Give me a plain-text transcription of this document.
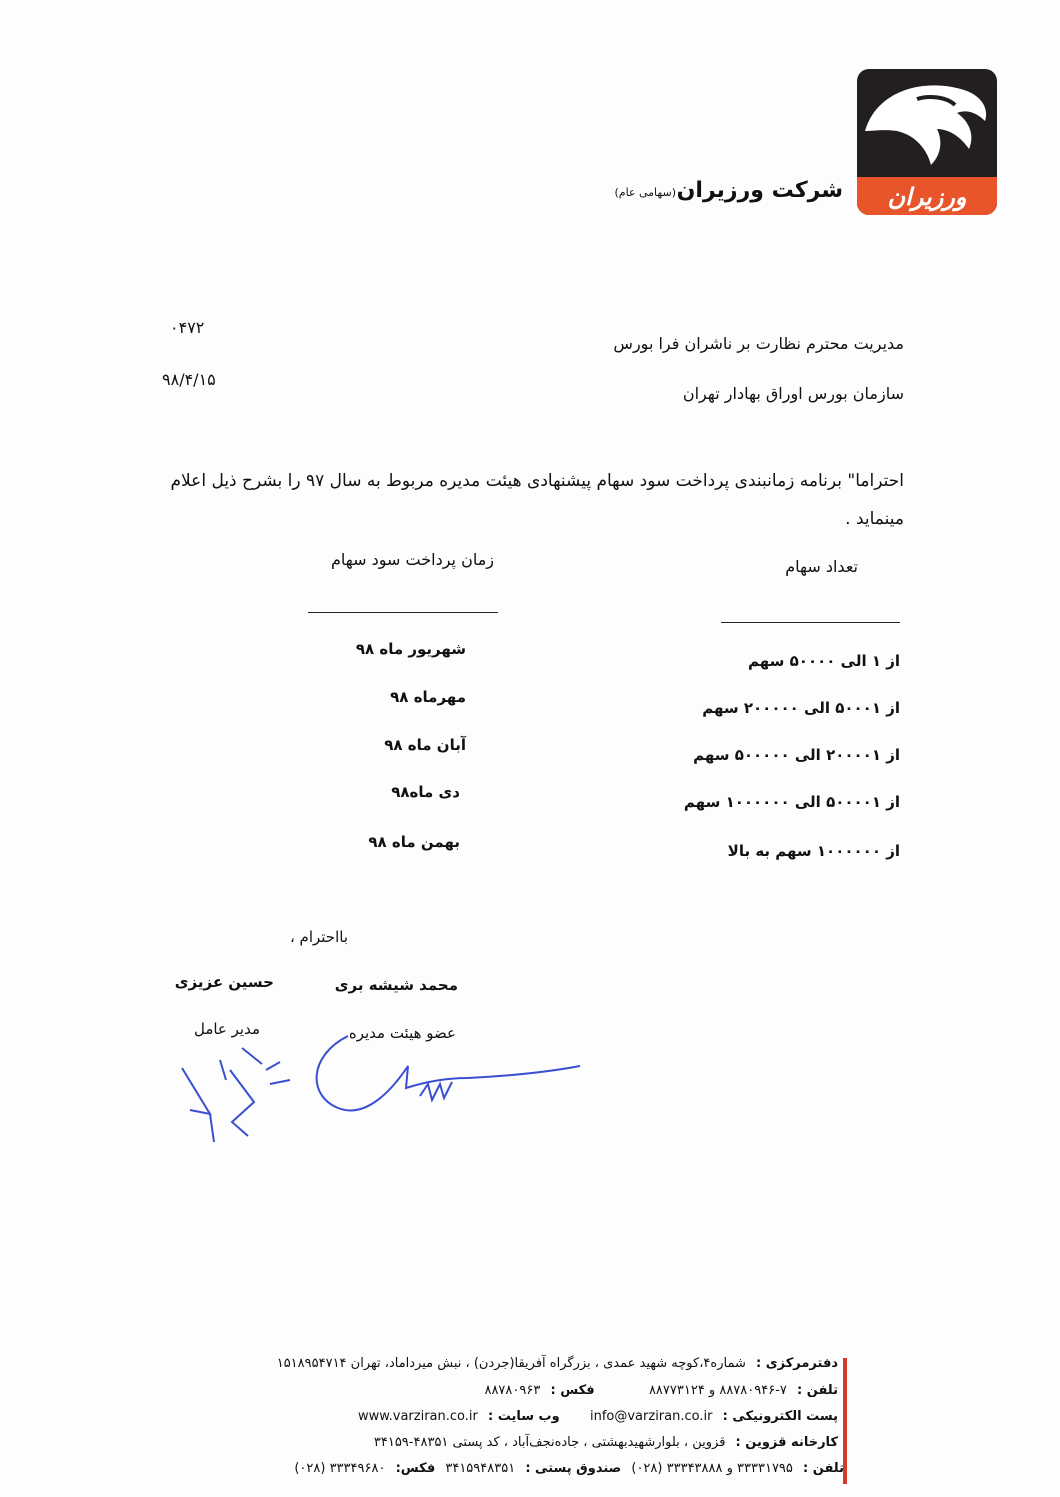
ورزیران
شرکت ورزیران
(سهامی عام)
۰۴۷۲
۹۸/۴/۱۵
مدیریت محترم نظارت بر ناشران فرا بورس
سازمان بورس اوراق بهادار تهران
احتراما" برنامه زمانبندی پرداخت سود سهام پیشنهادی هیئت مدیره مربوط به سال ۹۷ را بشرح ذیل اعلام مینماید .
تعداد سهام
زمان پرداخت سود سهام
از ۱ الی ۵۰۰۰۰ سهم
از ۵۰۰۰۱ الی ۲۰۰۰۰۰ سهم
از ۲۰۰۰۰۱ الی ۵۰۰۰۰۰ سهم
از ۵۰۰۰۰۱ الی ۱۰۰۰۰۰۰ سهم
از ۱۰۰۰۰۰۰ سهم به بالا
شهریور ماه ۹۸
مهرماه ۹۸
آبان ماه ۹۸
دی ماه۹۸
بهمن ماه ۹۸
بااحترام ،
محمد شیشه بری
عضو هیئت مدیره
حسین عزیزی
مدیر عامل
دفترمرکزی : شماره۴،کوچه شهید عمدی ، بزرگراه آفریقا(جردن) ، نبش میرداماد، تهران ۱۵۱۸۹۵۴۷۱۴
تلفن : ۷-۸۸۷۸۰۹۴۶ و ۸۸۷۷۳۱۲۴  فکس : ۸۸۷۸۰۹۶۳
پست الکترونیکی : info@varziran.co.ir  وب سایت : www.varziran.co.ir
کارخانه قزوین : قزوین ، بلوارشهیدبهشتی ، جاده‌نجف‌آباد ، کد پستی ۴۸۳۵۱-۳۴۱۵۹
تلفن : ۳۳۳۳۱۷۹۵ و ۳۳۳۴۳۸۸۸ (۰۲۸) صندوق پستی : ۳۴۱۵۹۴۸۳۵۱ فکس: ۳۳۳۴۹۶۸۰ (۰۲۸)
